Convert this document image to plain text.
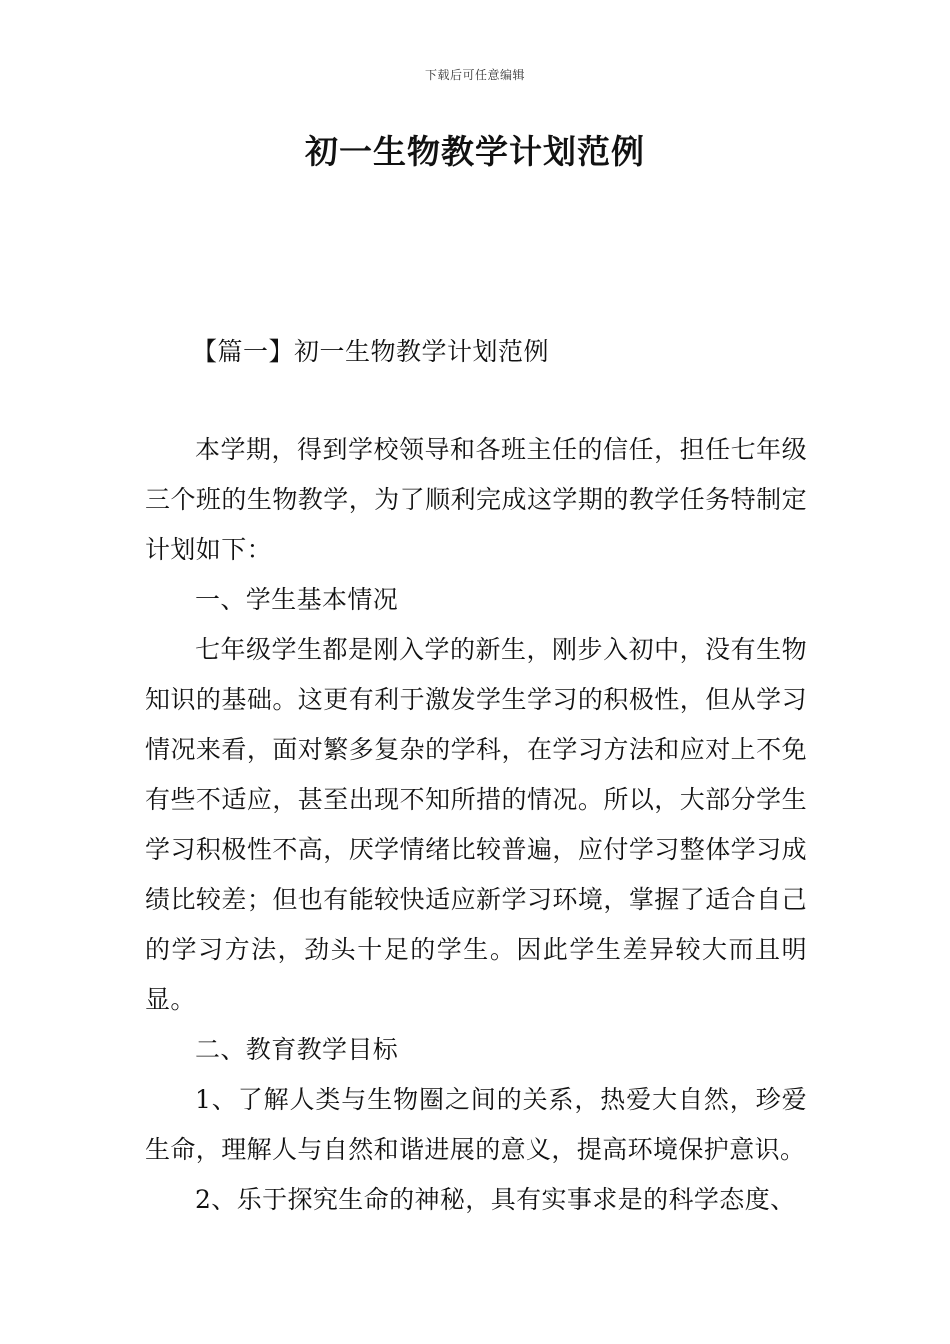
下载后可任意编辑
初一生物教学计划范例
【篇一】初一生物教学计划范例

本学期，得到学校领导和各班主任的信任，担任七年级三个班的生物教学，为了顺利完成这学期的教学任务特制定计划如下：

一、学生基本情况

七年级学生都是刚入学的新生，刚步入初中，没有生物知识的基础。这更有利于激发学生学习的积极性，但从学习情况来看，面对繁多复杂的学科，在学习方法和应对上不免有些不适应，甚至出现不知所措的情况。所以，大部分学生学习积极性不高，厌学情绪比较普遍，应付学习整体学习成绩比较差；但也有能较快适应新学习环境，掌握了适合自己的学习方法，劲头十足的学生。因此学生差异较大而且明显。

二、教育教学目标

1、了解人类与生物圈之间的关系，热爱大自然，珍爱生命，理解人与自然和谐进展的意义，提高环境保护意识。

2、乐于探究生命的神秘，具有实事求是的科学态度、
